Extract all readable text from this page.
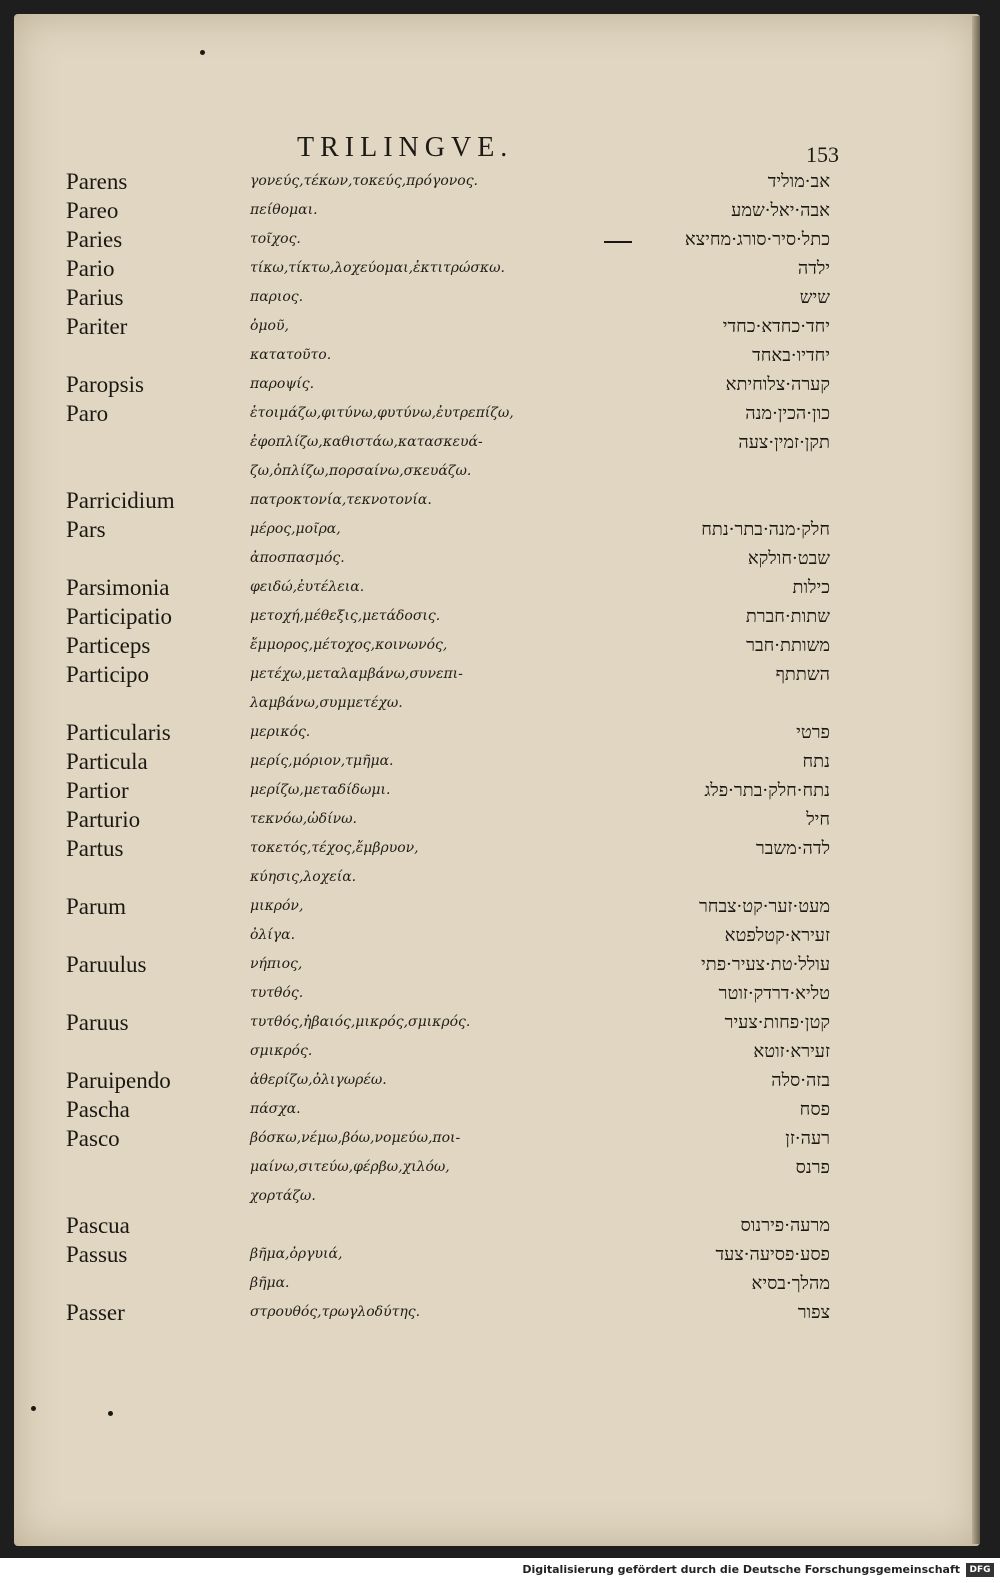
TRILINGVE.	153
Parens	γονεύς,τέκων,τοκεύς,πρόγονος.	אב·מוליד
Pareo	πείθομαι.	אבה·יאל·שמע
Paries	τοῖχος.	כתל·סיר·סורג·מחיצא
Pario	τίκω,τίκτω,λοχεύομαι,ἐκτιτρώσκω.	ילדה
Parius	παριος.	שיש
Pariter	ὁμοῦ,	יחד·כחדא·כחדי
κατατοῦτο.	יחדיו·באחד
Paropsis	παροψίς.	קערה·צלוחיתא
Paro	ἑτοιμάζω,φιτύνω,φυτύνω,ἐυτρεπίζω,	כון·הכין·מנה
ἐφοπλίζω,καθιστάω,κατασκευά-	תקן·זמין·צעה
ζω,ὁπλίζω,πορσαίνω,σκευάζω.
Parricidium	πατροκτονία,τεκνοτονία.
Pars	μέρος,μοῖρα,	חלק·מנה·בתר·נתח
ἀποσπασμός.	שבט·חולקא
Parsimonia	φειδώ,ἐυτέλεια.	כילות
Participatio	μετοχή,μέθεξις,μετάδοσις.	שתות·חברת
Particeps	ἔμμορος,μέτοχος,κοινωνός,	משותת·חבר
Participo	μετέχω,μεταλαμβάνω,συνεπι-	השתתף
λαμβάνω,συμμετέχω.
Particularis	μερικός.	פרטי
Particula	μερίς,μόριον,τμῆμα.	נתח
Partior	μερίζω,μεταδίδωμι.	נתח·חלק·בתר·פלג
Parturio	τεκνόω,ὠδίνω.	חיל
Partus	τοκετός,τέχος,ἔμβρυον,	לדה·משבר
κύησις,λοχεία.
Parum	μικρόν,	מעט·זער·קט·צבחר
ὀλίγα.	זעירא·קטלפטא
Paruulus	νήπιος,	עולל·טת·צעיר·פתי
τυτθός.	טליא·דרדק·זוטר
Paruus	τυτθός,ἠβαιός,μικρός,σμικρός.	קטן·פחות·צעיר
σμικρός.	זעירא·זוטא
Paruipendo	ἀθερίζω,ὀλιγωρέω.	בזה·סלה
Pascha	πάσχα.	פסח
Pasco	βόσκω,νέμω,βόω,νομεύω,ποι-	רעה·זן
μαίνω,σιτεύω,φέρβω,χιλόω,	פרנס
χορτάζω.
Pascua	מרעה·פירנוס
Passus	βῆμα,ὀργυιά,	פסע·פסיעה·צעד
βῆμα.	מהלך·בסיא
Passer	στρουθός,τρωγλοδύτης.	צפור
Digitalisierung gefördert durch die Deutsche Forschungsgemeinschaft	DFG
